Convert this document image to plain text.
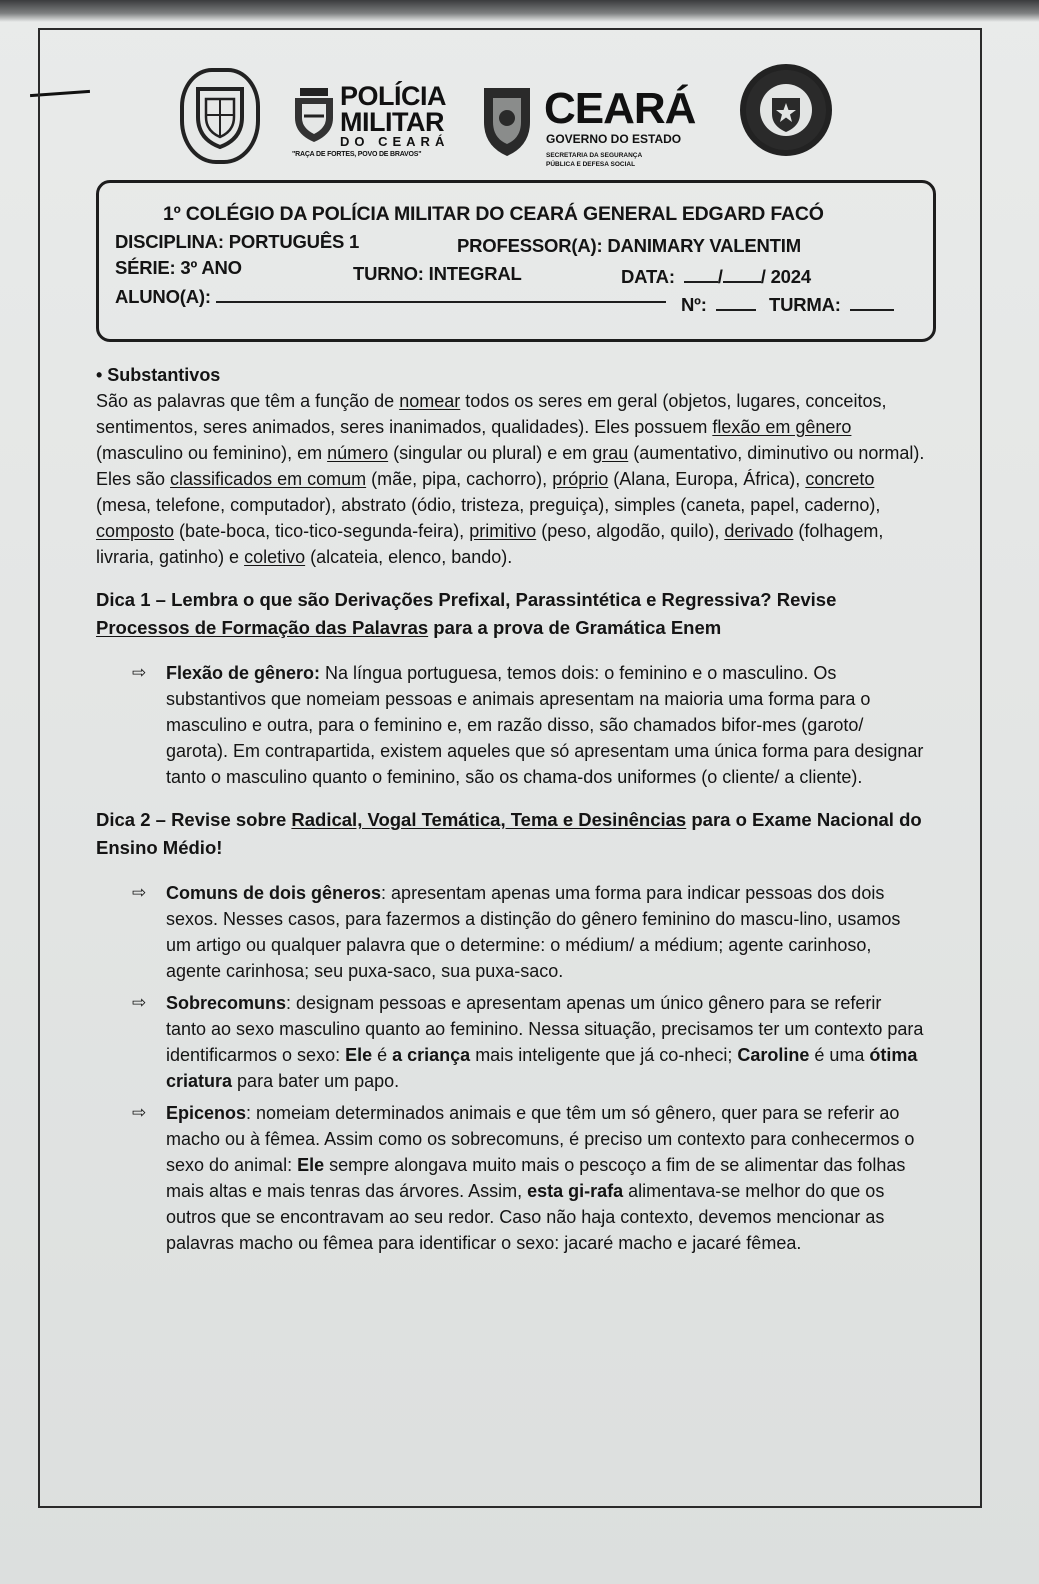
POLÍCIA
MILITAR
DO CEARÁ
"RAÇA DE FORTES, POVO DE BRAVOS"
CEARÁ
GOVERNO DO ESTADO
SECRETARIA DA SEGURANÇA
PÚBLICA E DEFESA SOCIAL
1º COLÉGIO DA POLÍCIA MILITAR DO CEARÁ GENERAL EDGARD FACÓ
DISCIPLINA: PORTUGUÊS 1	PROFESSOR(A): DANIMARY VALENTIM
SÉRIE: 3º ANO	TURNO: INTEGRAL	DATA: / / 2024
ALUNO(A):	Nº:	TURMA:

• Substantivos

São as palavras que têm a função de nomear todos os seres em geral (objetos, lugares, conceitos, sentimentos, seres animados, seres inanimados, qualidades). Eles possuem flexão em gênero (masculino ou feminino), em número (singular ou plural) e em grau (aumentativo, diminutivo ou normal).

Eles são classificados em comum (mãe, pipa, cachorro), próprio (Alana, Europa, África), concreto (mesa, telefone, computador), abstrato (ódio, tristeza, preguiça), simples (caneta, papel, caderno), composto (bate-boca, tico-tico-segunda-feira), primitivo (peso, algodão, quilo), derivado (folhagem, livraria, gatinho) e coletivo (alcateia, elenco, bando).

Dica 1 – Lembra o que são Derivações Prefixal, Parassintética e Regressiva? Revise Processos de Formação das Palavras para a prova de Gramática Enem

⇨ Flexão de gênero: Na língua portuguesa, temos dois: o feminino e o masculino. Os substantivos que nomeiam pessoas e animais apresentam na maioria uma forma para o masculino e outra, para o feminino e, em razão disso, são chamados bifor-mes (garoto/ garota). Em contrapartida, existem aqueles que só apresentam uma única forma para designar tanto o masculino quanto o feminino, são os chama-dos uniformes (o cliente/ a cliente).

Dica 2 – Revise sobre Radical, Vogal Temática, Tema e Desinências para o Exame Nacional do Ensino Médio!

⇨ Comuns de dois gêneros: apresentam apenas uma forma para indicar pessoas dos dois sexos. Nesses casos, para fazermos a distinção do gênero feminino do mascu-lino, usamos um artigo ou qualquer palavra que o determine: o médium/ a médium; agente carinhoso, agente carinhosa; seu puxa-saco, sua puxa-saco.
⇨ Sobrecomuns: designam pessoas e apresentam apenas um único gênero para se referir tanto ao sexo masculino quanto ao feminino. Nessa situação, precisamos ter um contexto para identificarmos o sexo: Ele é a criança mais inteligente que já co-nheci; Caroline é uma ótima criatura para bater um papo.
⇨ Epicenos: nomeiam determinados animais e que têm um só gênero, quer para se referir ao macho ou à fêmea. Assim como os sobrecomuns, é preciso um contexto para conhecermos o sexo do animal: Ele sempre alongava muito mais o pescoço a fim de se alimentar das folhas mais altas e mais tenras das árvores. Assim, esta gi-rafa alimentava-se melhor do que os outros que se encontravam ao seu redor. Caso não haja contexto, devemos mencionar as palavras macho ou fêmea para identificar o sexo: jacaré macho e jacaré fêmea.
